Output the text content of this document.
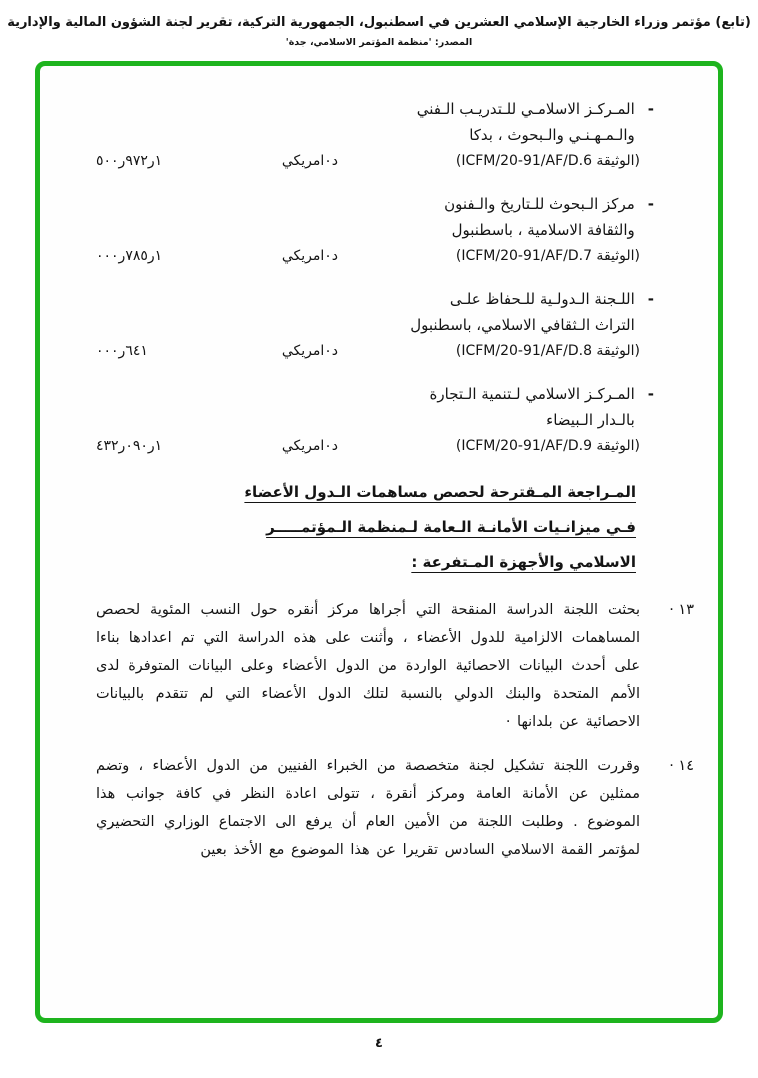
(تابع) مؤتمر وزراء الخارجية الإسلامي العشرين في اسطنبول، الجمهورية التركية، تقرير لجنة الشؤون المالية والإدارية
المصدر: 'منظمة المؤتمر الاسلامي، جدة'
-
المـركـز الاسلامـي للـتدريـب الـفني
والـمـهـنـي والـبحوث ، بدكا
(الوثيقة ICFM/20-91/AF/D.6)
د٠امريكي
٥٠٠ر٩٧٢ر١
-
مركز الـبحوث للـتاريخ والـفنون
والثقافة الاسلامية ، باسطنبول
(الوثيقة ICFM/20-91/AF/D.7)
د٠امريكي
٠٠٠ر٧٨٥ر١
-
اللـجنة الـدولـية للـحفاظ علـى
التراث الـثقافي الاسلامي، باسطنبول
(الوثيقة ICFM/20-91/AF/D.8)
د٠امريكي
٠٠٠ر٦٤١
-
المـركـز الاسلامي لـتنمية الـتجارة
بالـدار الـبيضاء
(الوثيقة ICFM/20-91/AF/D.9)
د٠امريكي
٤٣٢ر٠٩٠ر١
المـراجعة المـقترحة لحصص مساهمات الـدول الأعضاء
فـي ميزانـيات الأمانـة الـعامة لـمنظمة الـمؤتمـــــر
الاسلامي والأجهزة المـتفرعة :
١٣ ·
بحثت اللجنة الدراسة المنقحة التي أجراها مركز أنقره حول النسب المئوية لحصص المساهمات الالزامية للدول الأعضاء ، وأثنت على هذه الدراسة التي تم اعدادها بناءا على أحدث البيانات الاحصائية الواردة من الدول الأعضاء وعلى البيانات المتوفرة لدى الأمم المتحدة والبنك الدولي بالنسبة لتلك الدول الأعضاء التي لم تتقدم بالبيانات الاحصائية عن بلدانها ·
١٤ ·
وقررت اللجنة تشكيل لجنة متخصصة من الخبراء الفنيين من الدول الأعضاء ، وتضم ممثلين عن الأمانة العامة ومركز أنقرة ، تتولى اعادة النظر في كافة جوانب هذا الموضوع . وطلبت اللجنة من الأمين العام أن يرفع الى الاجتماع الوزاري التحضيري لمؤتمر القمة الاسلامي السادس تقريرا عن هذا الموضوع مع الأخذ بعين
٤
